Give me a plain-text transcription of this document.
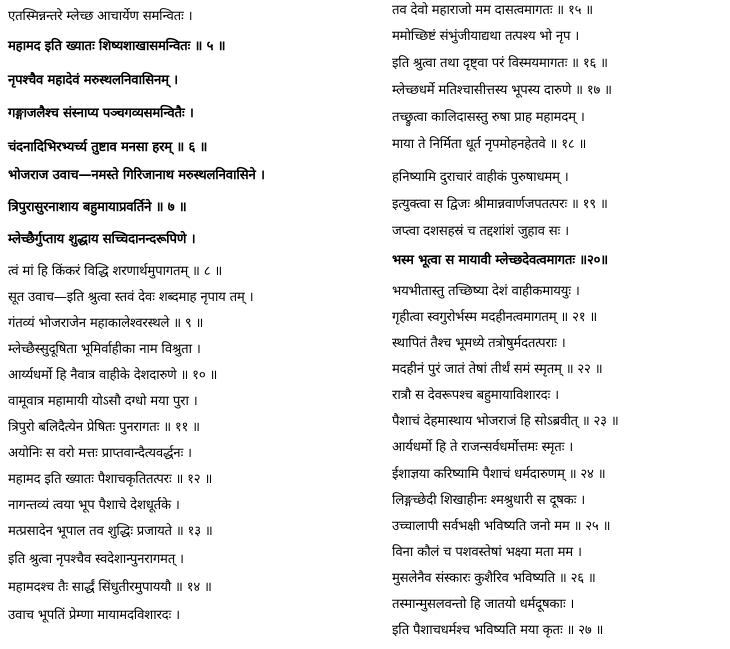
एतस्मिन्नन्तरे म्लेच्छ आचार्येण समन्वितः ।
महामद इति ख्यातः शिष्यशाखासमन्वितः ॥ ५ ॥
नृपश्चैव महादेवं मरुस्थलनिवासिनम् ।
गङ्गाजलैश्च संस्नाप्य पञ्चगव्यसमन्वितैः ।
चंदनादिभिरभ्यर्च्य तुष्टाव मनसा हरम् ॥ ६ ॥
भोजराज उवाच—नमस्ते गिरिजानाथ मरुस्थलनिवासिने ।
त्रिपुरासुरनाशाय बहुमायाप्रवर्तिने ॥ ७ ॥
म्लेच्छैर्गुप्ताय शुद्धाय सच्चिदानन्दरूपिणे ।
त्वं मां हि किंकरं विद्धि शरणार्थमुपागतम् ॥ ८ ॥
सूत उवाच—इति श्रुत्वा स्तवं देवः शब्दमाह नृपाय तम् ।
गंतव्यं भोजराजेन महाकालेश्वरस्थले ॥ ९ ॥
म्लेच्छैस्सुदूषिता भूमिर्वाहीका नाम विश्रुता ।
आर्य्यधर्मो हि नैवात्र वाहीके देशदारुणे ॥ १० ॥
वामूवात्र महामायी योऽसौ दग्धो मया पुरा ।
त्रिपुरो बलिदैत्येन प्रेषितः पुनरागतः ॥ ११ ॥
अयोनिः स वरो मत्तः प्राप्तवान्दैत्यवर्द्धनः ।
महामद इति ख्यातः पैशाचकृतितत्परः ॥ १२ ॥
नागन्तव्यं त्वया भूप पैशाचे देशधूर्तके ।
मत्प्रसादेन भूपाल तव शुद्धिः प्रजायते ॥ १३ ॥
इति श्रुत्वा नृपश्चैव स्वदेशान्पुनरागमत् ।
महामदश्च तैः सार्द्धं सिंधुतीरमुपाययौ ॥ १४ ॥
उवाच भूपतिं प्रेम्णा मायामदविशारदः ।
तव देवो महाराजो मम दासत्वमागतः ॥ १५ ॥
ममोच्छिष्टं संभुंजीयाद्यथा तत्पश्य भो नृप ।
इति श्रुत्वा तथा दृष्ट्वा परं विस्मयमागतः ॥ १६ ॥
म्लेच्छधर्मे मतिश्चासीत्तस्य भूपस्य दारुणे ॥ १७ ॥
तच्छ्रुत्वा कालिदासस्तु रुषा प्राह महामदम् ।
माया ते निर्मिता धूर्त नृपमोहनहेतवे ॥ १८ ॥
हनिष्यामि दुराचारं वाहीकं पुरुषाधमम् ।
इत्युक्त्वा स द्विजः श्रीमान्नवार्णजपतत्परः ॥ १९ ॥
जप्त्वा दशसहस्रं च तद्दशांशं जुहाव सः ।
भस्म भूत्वा स मायावी म्लेच्छदेवत्वमागतः ॥२०॥
भयभीतास्तु तच्छिष्या देशं वाहीकमाययुः ।
गृहीत्वा स्वगुरोर्भस्म मदहीनत्वमागतम् ॥ २१ ॥
स्थापितं तैश्च भूमध्ये तत्रोषुर्मदतत्पराः ।
मदहीनं पुरं जातं तेषां तीर्थं समं स्मृतम् ॥ २२ ॥
रात्रौ स देवरूपश्च बहुमायाविशारदः ।
पैशाचं देहमास्थाय भोजराजं हि सोऽब्रवीत् ॥ २३ ॥
आर्यधर्मो हि ते राजन्सर्वधर्मोत्तमः स्मृतः ।
ईशाज्ञया करिष्यामि पैशाचं धर्मदारुणम् ॥ २४ ॥
लिङ्गच्छेदी शिखाहीनः श्मश्रुधारी स दूषकः ।
उच्चालापी सर्वभक्षी भविष्यति जनो मम ॥ २५ ॥
विना कौलं च पशवस्तेषां भक्ष्या मता मम ।
मुसलेनैव संस्कारः कुशैरिव भविष्यति ॥ २६ ॥
तस्मान्मुसलवन्तो हि जातयो धर्मदूषकाः ।
इति पैशाचधर्मश्च भविष्यति मया कृतः ॥ २७ ॥
